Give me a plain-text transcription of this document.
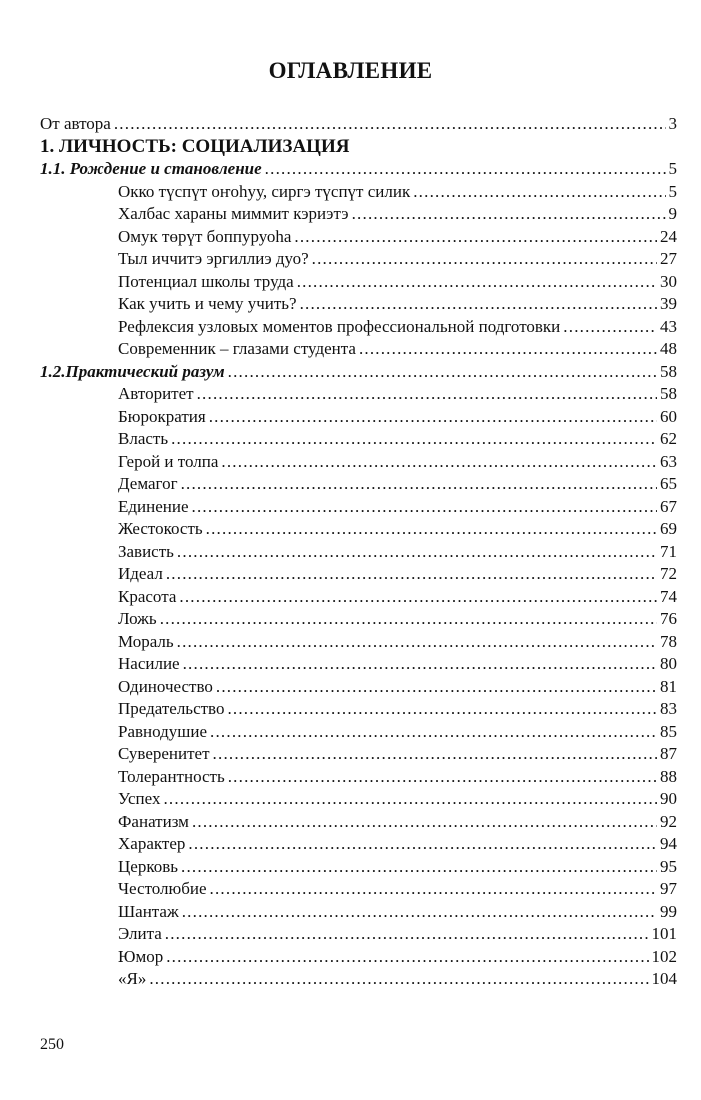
ОГЛАВЛЕНИЕ
От автора .....	3
1. ЛИЧНОСТЬ: СОЦИАЛИЗАЦИЯ
1.1. Рождение и становление .....	5
Окко түспүт оҥоһуу, сиргэ түспүт силик .....	5
Халбас хараны миммит кэриэтэ .....	9
Омук төрүт боппуруоһа .....	24
Тыл иччитэ эргиллиэ дуо? .....	27
Потенциал школы труда .....	30
Как учить и чему учить? .....	39
Рефлексия узловых моментов профессиональной подготовки .....	43
Современник – глазами студента .....	48
1.2.Практический разум .....	58
Авторитет .....	58
Бюрократия .....	60
Власть .....	62
Герой и толпа .....	63
Демагог .....	65
Единение .....	67
Жестокость .....	69
Зависть .....	71
Идеал .....	72
Красота .....	74
Ложь .....	76
Мораль .....	78
Насилие .....	80
Одиночество .....	81
Предательство .....	83
Равнодушие .....	85
Суверенитет .....	87
Толерантность .....	88
Успех .....	90
Фанатизм .....	92
Характер .....	94
Церковь .....	95
Честолюбие .....	97
Шантаж .....	99
Элита .....	101
Юмор .....	102
«Я» .....	104
250
